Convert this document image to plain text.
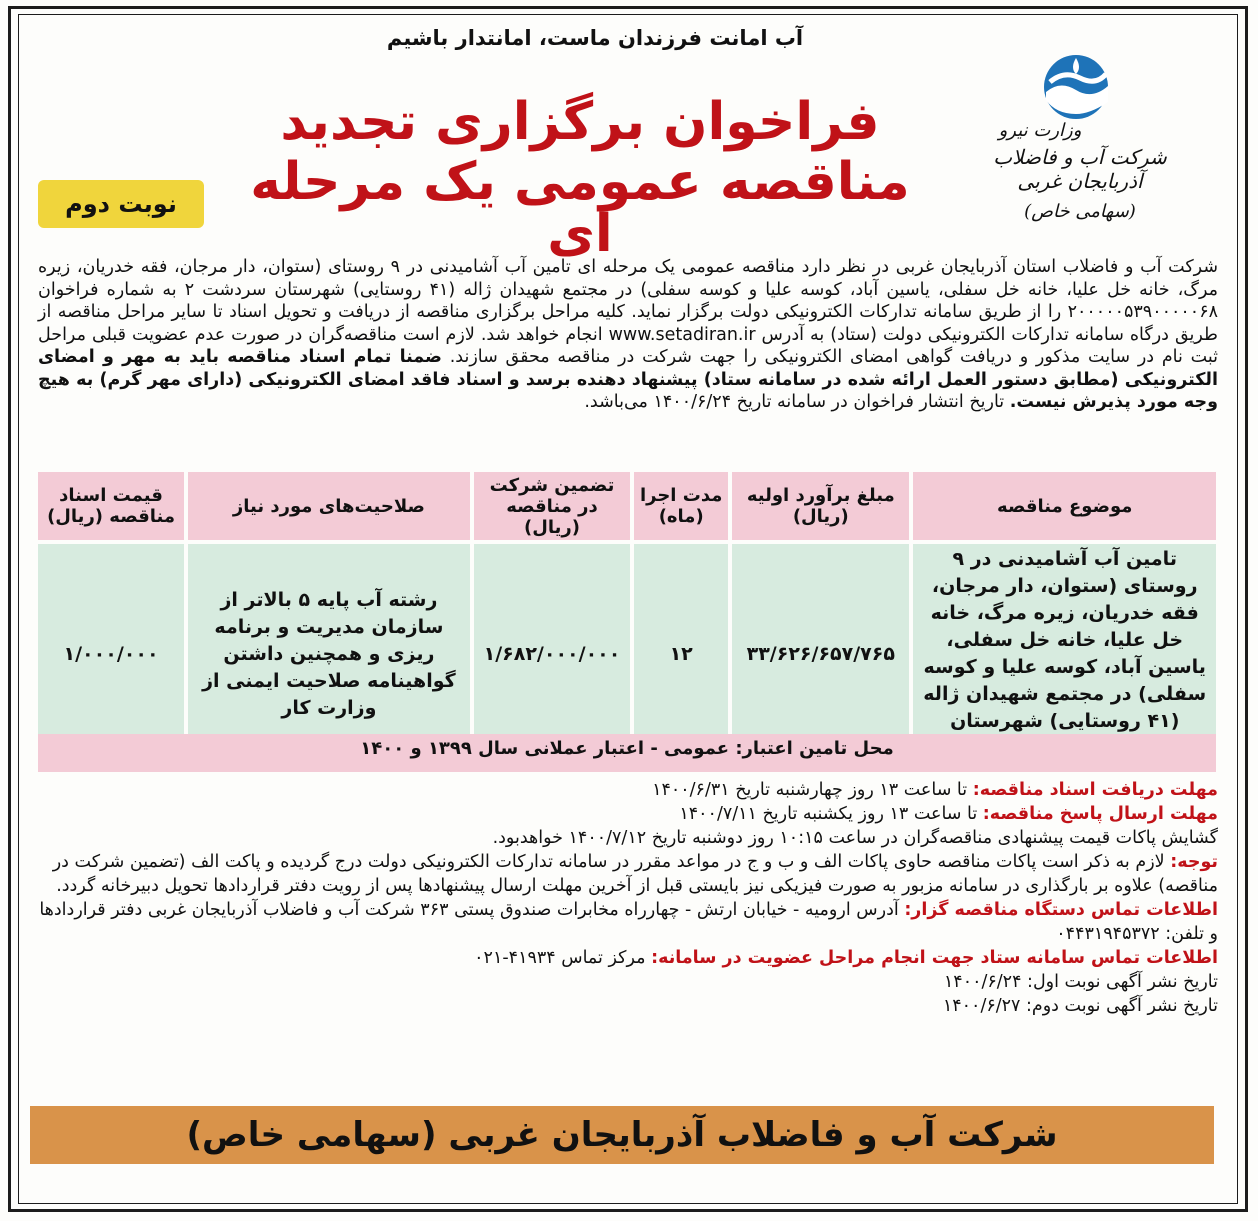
آب امانت فرزندان ماست، امانتدار باشیم
فراخوان برگزاری تجدید
مناقصه عمومی یک مرحله ای
نوبت دوم
وزارت نیرو
شرکت آب و فاضلاب آذربایجان غربی
(سهامی خاص)
شرکت آب و فاضلاب استان آذربایجان غربی در نظر دارد مناقصه عمومی یک مرحله ای تامین آب آشامیدنی در ۹ روستای (ستوان، دار مرجان، فقه خدریان، زیره مرگ، خانه خل علیا، خانه خل سفلی، یاسین آباد، کوسه علیا و کوسه سفلی) در مجتمع شهیدان ژاله (۴۱ روستایی) شهرستان سردشت ۲ به شماره فراخوان ۲۰۰۰۰۰۵۳۹۰۰۰۰۰۶۸ را از طریق سامانه تدارکات الکترونیکی دولت برگزار نماید. کلیه مراحل برگزاری مناقصه از دریافت و تحویل اسناد تا سایر مراحل مناقصه از طریق درگاه سامانه تدارکات الکترونیکی دولت (ستاد) به آدرس www.setadiran.ir انجام خواهد شد. لازم است مناقصه‌گران در صورت عدم عضویت قبلی مراحل ثبت نام در سایت مذکور و دریافت گواهی امضای الکترونیکی را جهت شرکت در مناقصه محقق سازند. ضمنا تمام اسناد مناقصه باید به مهر و امضای الکترونیکی (مطابق دستور العمل ارائه شده در سامانه ستاد) پیشنهاد دهنده برسد و اسناد فاقد امضای الکترونیکی (دارای مهر گرم) به هیچ وجه مورد پذیرش نیست. تاریخ انتشار فراخوان در سامانه تاریخ ۱۴۰۰/۶/۲۴ می‌باشد.
موضوع مناقصه	مبلغ برآورد اولیه (ریال)	مدت اجرا (ماه)	تضمین شرکت در مناقصه (ریال)	صلاحیت‌های مورد نیاز	قیمت اسناد مناقصه (ریال)
تامین آب آشامیدنی در ۹ روستای (ستوان، دار مرجان، فقه خدریان، زیره مرگ، خانه خل علیا، خانه خل سفلی، یاسین آباد، کوسه علیا و کوسه سفلی) در مجتمع شهیدان ژاله (۴۱ روستایی) شهرستان	۳۳/۶۲۶/۶۵۷/۷۶۵	۱۲	۱/۶۸۲/۰۰۰/۰۰۰	رشته آب پایه ۵ بالاتر از سازمان مدیریت و برنامه ریزی و همچنین داشتن گواهینامه صلاحیت ایمنی از وزارت کار	۱/۰۰۰/۰۰۰
محل تامین اعتبار: عمومی - اعتبار عملانی سال ۱۳۹۹ و ۱۴۰۰

مهلت دریافت اسناد مناقصه: تا ساعت ۱۳ روز چهارشنبه تاریخ ۱۴۰۰/۶/۳۱

مهلت ارسال پاسخ مناقصه: تا ساعت ۱۳ روز یکشنبه تاریخ ۱۴۰۰/۷/۱۱

گشایش پاکات قیمت پیشنهادی مناقصه‌گران در ساعت ۱۰:۱۵ روز دوشنبه تاریخ ۱۴۰۰/۷/۱۲ خواهدبود.

توجه: لازم به ذکر است پاکات مناقصه حاوی پاکات الف و ب و ج در مواعد مقرر در سامانه تدارکات الکترونیکی دولت درج گردیده و پاکت الف (تضمین شرکت در مناقصه) علاوه بر بارگذاری در سامانه مزبور به صورت فیزیکی نیز بایستی قبل از آخرین مهلت ارسال پیشنهادها پس از رویت دفتر قراردادها تحویل دبیرخانه گردد.

اطلاعات تماس دستگاه مناقصه گزار: آدرس ارومیه - خیابان ارتش - چهارراه مخابرات صندوق پستی ۳۶۳ شرکت آب و فاضلاب آذربایجان غربی دفتر قراردادها و تلفن: ۰۴۴۳۱۹۴۵۳۷۲

اطلاعات تماس سامانه ستاد جهت انجام مراحل عضویت در سامانه: مرکز تماس ۴۱۹۳۴-۰۲۱

تاریخ نشر آگهی نوبت اول: ۱۴۰۰/۶/۲۴

تاریخ نشر آگهی نوبت دوم: ۱۴۰۰/۶/۲۷

شرکت آب و فاضلاب آذربایجان غربی (سهامی خاص)
